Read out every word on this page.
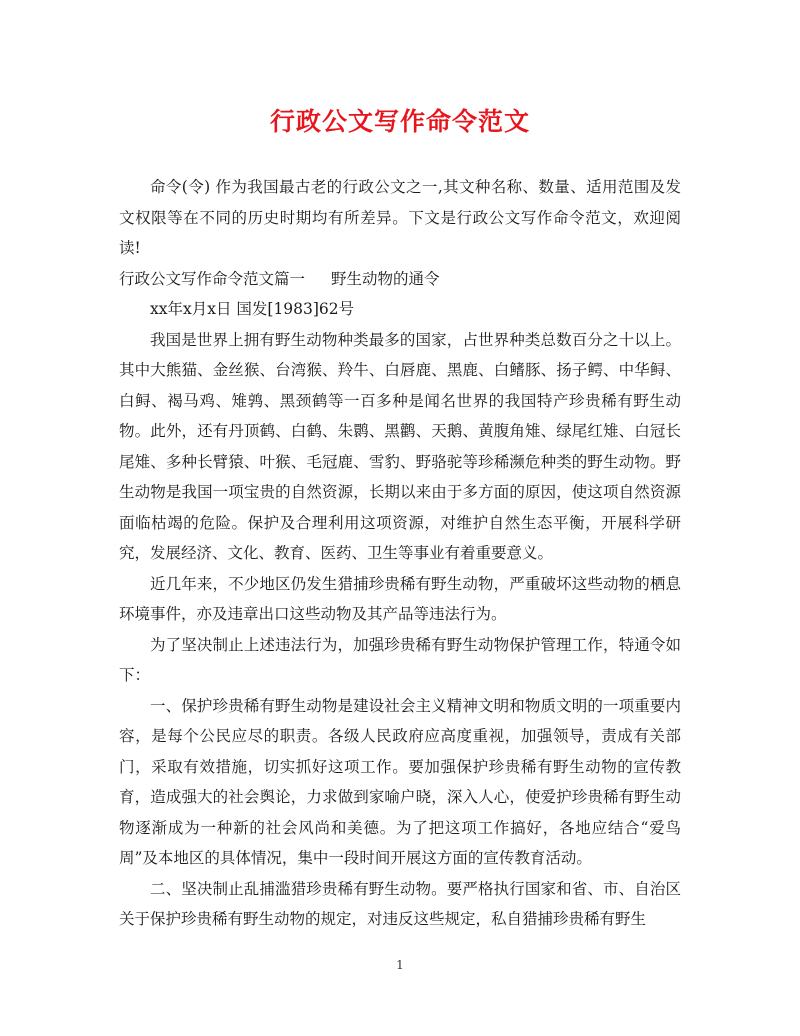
行政公文写作命令范文

命令(令) 作为我国最古老的行政公文之一,其文种名称、数量、适用范围及发文权限等在不同的历史时期均有所差异。下文是行政公文写作命令范文，欢迎阅读!

行政公文写作命令范文篇一 野生动物的通令

xx年x月x日 国发[1983]62号

我国是世界上拥有野生动物种类最多的国家，占世界种类总数百分之十以上。其中大熊猫、金丝猴、台湾猴、羚牛、白唇鹿、黑鹿、白鳍豚、扬子鳄、中华鲟、白鲟、褐马鸡、雉鹑、黑颈鹤等一百多种是闻名世界的我国特产珍贵稀有野生动物。此外，还有丹顶鹤、白鹤、朱鹮、黑鹳、天鹅、黄腹角雉、绿尾红雉、白冠长尾雉、多种长臂猿、叶猴、毛冠鹿、雪豹、野骆驼等珍稀濒危种类的野生动物。野生动物是我国一项宝贵的自然资源，长期以来由于多方面的原因，使这项自然资源面临枯竭的危险。保护及合理利用这项资源，对维护自然生态平衡，开展科学研究，发展经济、文化、教育、医药、卫生等事业有着重要意义。

近几年来，不少地区仍发生猎捕珍贵稀有野生动物，严重破坏这些动物的栖息环境事件，亦及违章出口这些动物及其产品等违法行为。

为了坚决制止上述违法行为，加强珍贵稀有野生动物保护管理工作，特通令如下：

一、保护珍贵稀有野生动物是建设社会主义精神文明和物质文明的一项重要内容，是每个公民应尽的职责。各级人民政府应高度重视，加强领导，责成有关部门，采取有效措施，切实抓好这项工作。要加强保护珍贵稀有野生动物的宣传教育，造成强大的社会舆论，力求做到家喻户晓，深入人心，使爱护珍贵稀有野生动物逐渐成为一种新的社会风尚和美德。为了把这项工作搞好，各地应结合“爱鸟周”及本地区的具体情况，集中一段时间开展这方面的宣传教育活动。

二、坚决制止乱捕滥猎珍贵稀有野生动物。要严格执行国家和省、市、自治区关于保护珍贵稀有野生动物的规定，对违反这些规定，私自猎捕珍贵稀有野生

1
